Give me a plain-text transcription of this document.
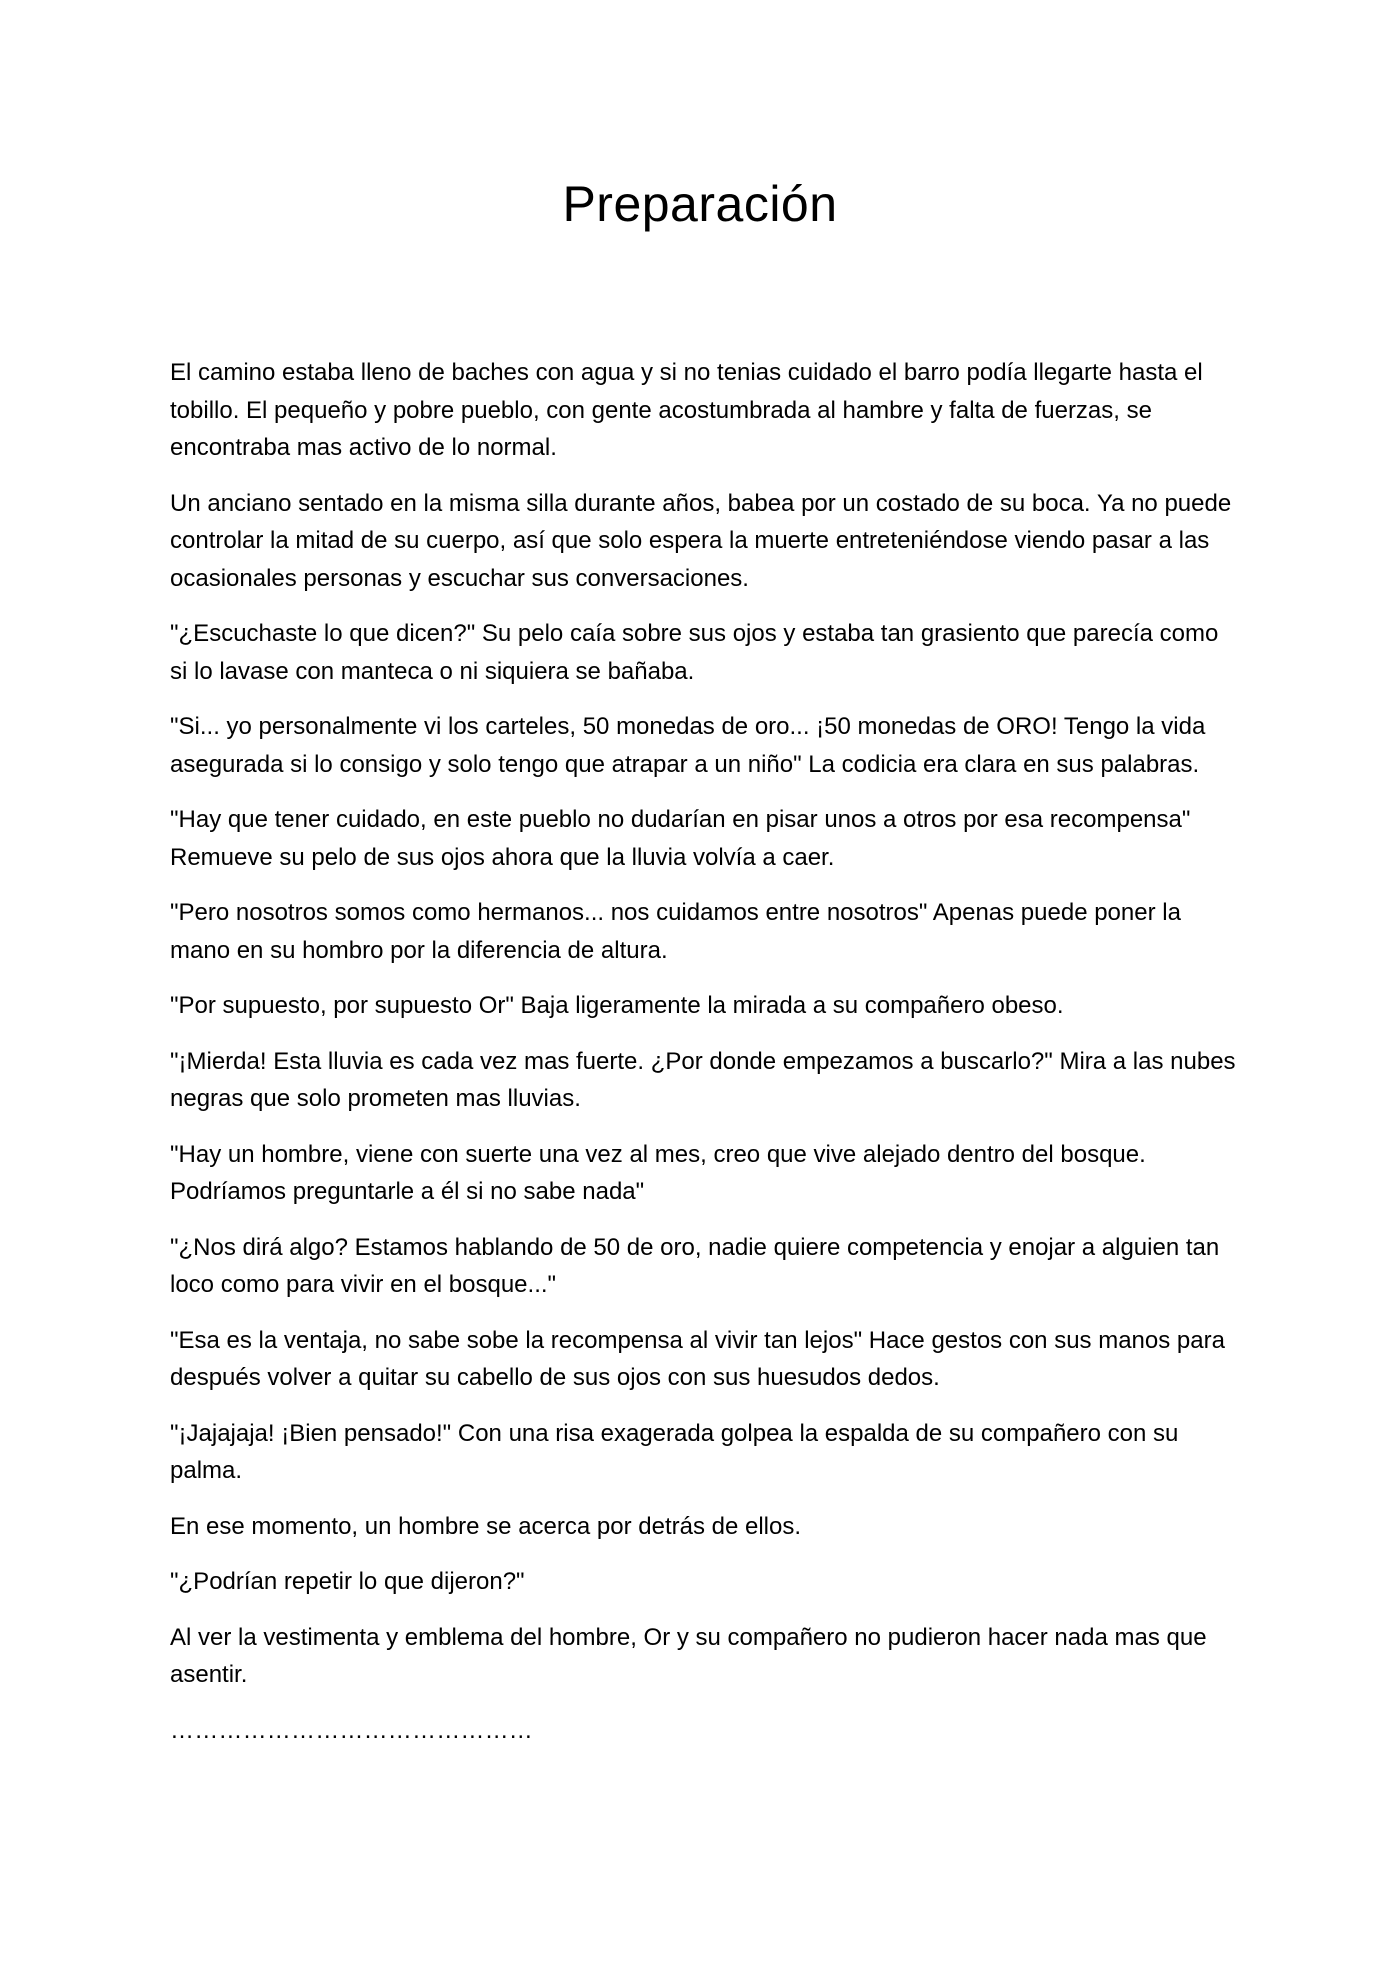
Preparación

El camino estaba lleno de baches con agua y si no tenias cuidado el barro podía llegarte hasta el tobillo. El pequeño y pobre pueblo, con gente acostumbrada al hambre y falta de fuerzas, se encontraba mas activo de lo normal.

Un anciano sentado en la misma silla durante años, babea por un costado de su boca. Ya no puede controlar la mitad de su cuerpo, así que solo espera la muerte entreteniéndose viendo pasar a las ocasionales personas y escuchar sus conversaciones.

"¿Escuchaste lo que dicen?" Su pelo caía sobre sus ojos y estaba tan grasiento que parecía como si lo lavase con manteca o ni siquiera se bañaba.

"Si... yo personalmente vi los carteles, 50 monedas de oro... ¡50 monedas de ORO! Tengo la vida asegurada si lo consigo y solo tengo que atrapar a un niño" La codicia era clara en sus palabras.

"Hay que tener cuidado, en este pueblo no dudarían en pisar unos a otros por esa recompensa" Remueve su pelo de sus ojos ahora que la lluvia volvía a caer.

"Pero nosotros somos como hermanos... nos cuidamos entre nosotros" Apenas puede poner la mano en su hombro por la diferencia de altura.

"Por supuesto, por supuesto Or" Baja ligeramente la mirada a su compañero obeso.

"¡Mierda! Esta lluvia es cada vez mas fuerte. ¿Por donde empezamos a buscarlo?" Mira a las nubes negras que solo prometen mas lluvias.

"Hay un hombre, viene con suerte una vez al mes, creo que vive alejado dentro del bosque. Podríamos preguntarle a él si no sabe nada"

"¿Nos dirá algo? Estamos hablando de 50 de oro, nadie quiere competencia y enojar a alguien tan loco como para vivir en el bosque..."

"Esa es la ventaja, no sabe sobe la recompensa al vivir tan lejos" Hace gestos con sus manos para después volver a quitar su cabello de sus ojos con sus huesudos dedos.

"¡Jajajaja! ¡Bien pensado!" Con una risa exagerada golpea la espalda de su compañero con su palma.

En ese momento, un hombre se acerca por detrás de ellos.

"¿Podrían repetir lo que dijeron?"

Al ver la vestimenta y emblema del hombre, Or y su compañero no pudieron hacer nada mas que asentir.

………………………………………
